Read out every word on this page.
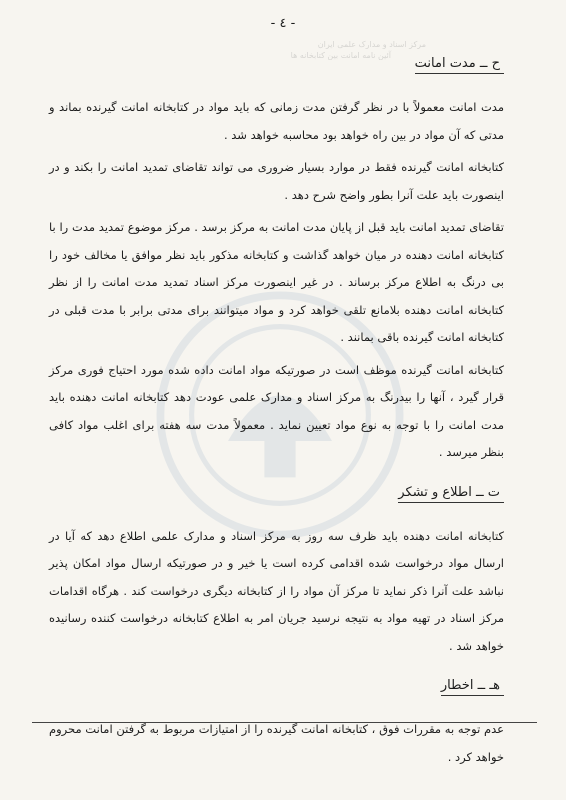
- ٤ -
مرکز اسناد و مدارک علمی ایران
آئین نامه امانت بین کتابخانه ها
ح ــ مدت امانت

مدت امانت معمولاً با در نظر گرفتن مدت زمانی که باید مواد در کتابخانه امانت گیرنده بماند و مدتی که آن مواد در بین راه خواهد بود محاسبه خواهد شد .

کتابخانه امانت گیرنده فقط در موارد بسیار ضروری می تواند تقاضای تمدید امانت را بکند و در اینصورت باید علت آنرا بطور واضح شرح دهد .

تقاضای تمدید امانت باید قبل از پایان مدت امانت به مرکز برسد . مرکز موضوع تمدید مدت را با کتابخانه امانت دهنده در میان خواهد گذاشت و کتابخانه مذکور باید نظر موافق یا مخالف خود را بی درنگ به اطلاع مرکز برساند . در غیر اینصورت مرکز اسناد تمدید مدت امانت را از نظر کتابخانه امانت دهنده بلامانع تلقی خواهد کرد و مواد میتوانند برای مدتی برابر با مدت قبلی در کتابخانه امانت گیرنده باقی بمانند .

کتابخانه امانت گیرنده موظف است در صورتیکه مواد امانت داده شده مورد احتیاج فوری مرکز قرار گیرد ، آنها را بیدرنگ به مرکز اسناد و مدارک علمی عودت دهد کتابخانه امانت دهنده باید مدت امانت را با توجه به نوع مواد تعیین نماید . معمولاً مدت سه هفته برای اغلب مواد کافی بنظر میرسد .

ت ــ اطلاع و تشکر

کتابخانه امانت دهنده باید ظرف سه روز به مرکز اسناد و مدارک علمی اطلاع دهد که آیا در ارسال مواد درخواست شده اقدامی کرده است یا خیر و در صورتیکه ارسال مواد امکان پذیر نباشد علت آنرا ذکر نماید تا مرکز آن مواد را از کتابخانه دیگری درخواست کند . هرگاه اقدامات مرکز اسناد در تهیه مواد به نتیجه نرسید جریان امر به اطلاع کتابخانه درخواست کننده رسانیده خواهد شد .

هـ ــ اخطار

عدم توجه به مقررات فوق ، کتابخانه امانت گیرنده را از امتیازات مربوط به گرفتن امانت محروم خواهد کرد .
